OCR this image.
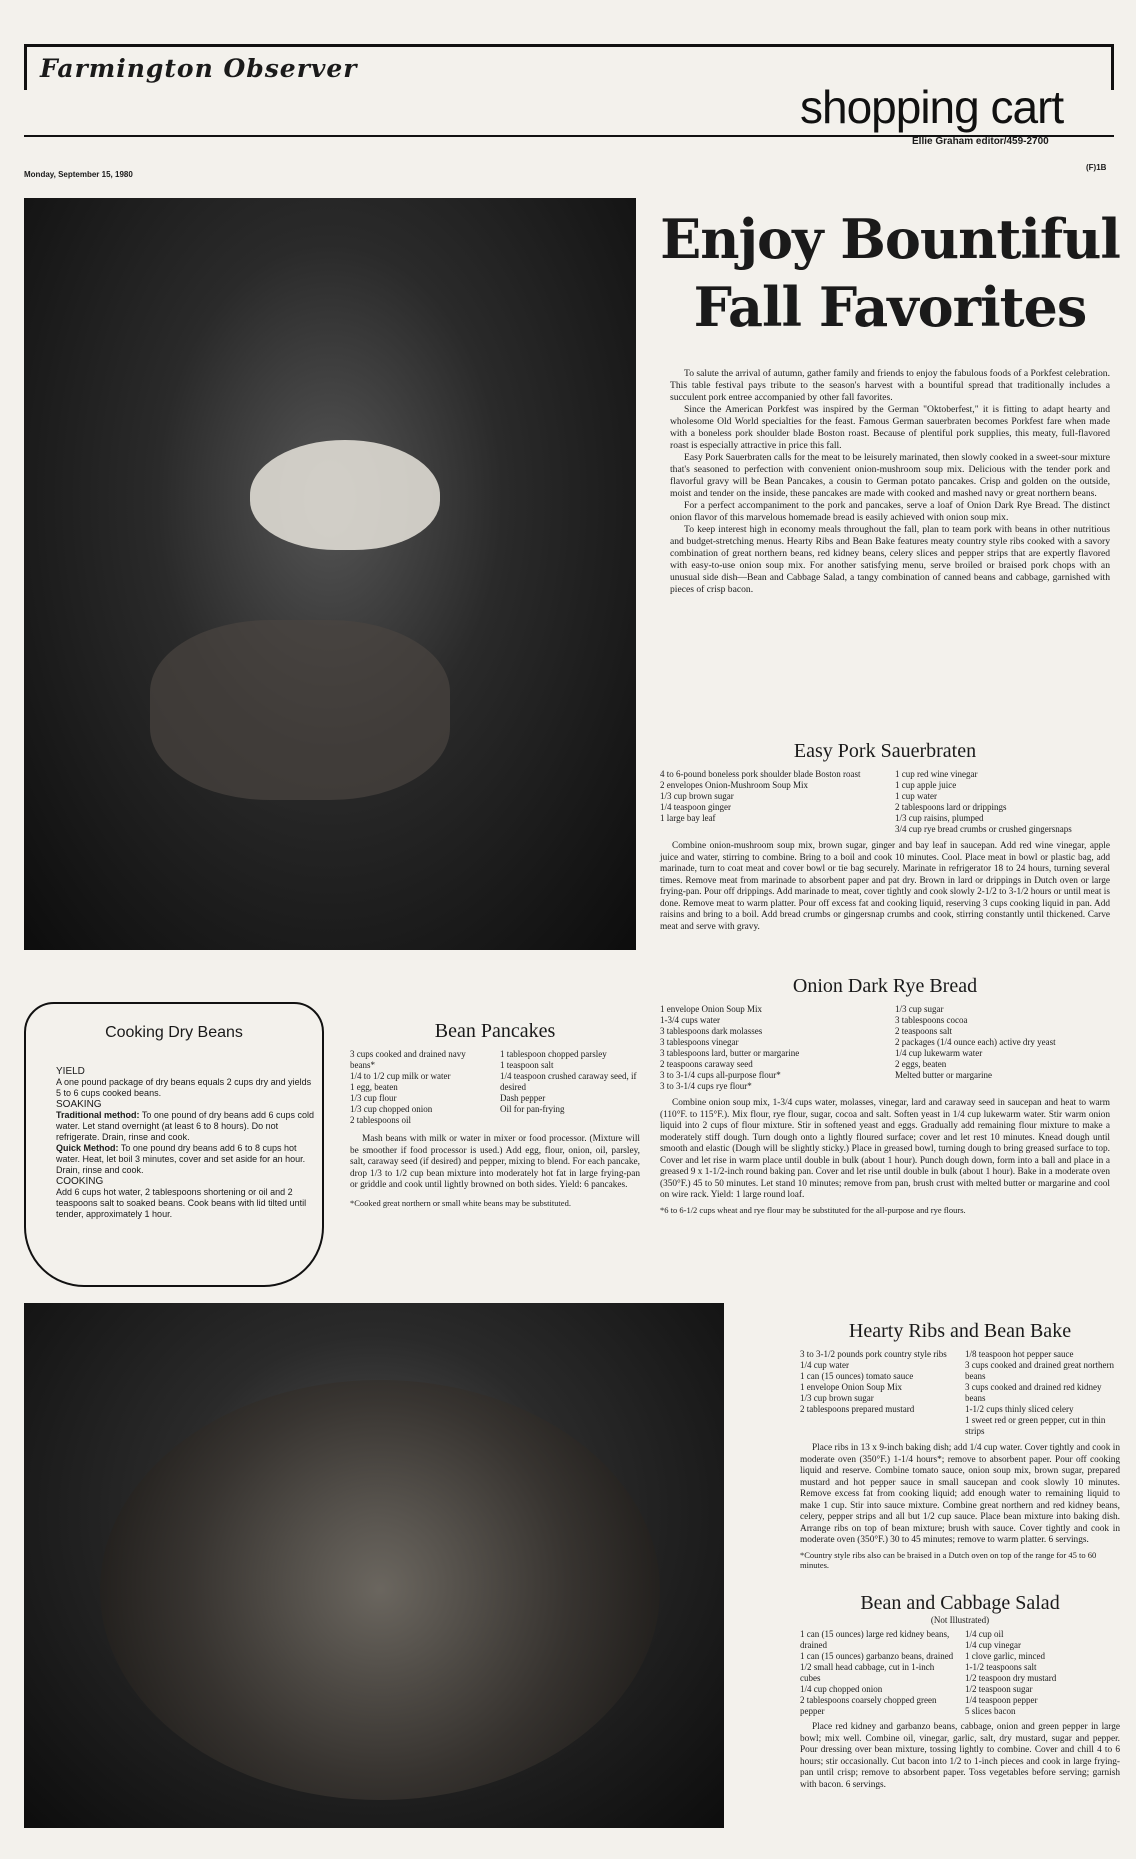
Farmington Observer
shopping cart
Ellie Graham editor/459-2700
Monday, September 15, 1980
(F)1B
Enjoy Bountiful
Fall Favorites

To salute the arrival of autumn, gather family and friends to enjoy the fabulous foods of a Porkfest celebration. This table festival pays tribute to the season's harvest with a bountiful spread that traditionally includes a succulent pork entree accompanied by other fall favorites.

Since the American Porkfest was inspired by the German "Oktoberfest," it is fitting to adapt hearty and wholesome Old World specialties for the feast. Famous German sauerbraten becomes Porkfest fare when made with a boneless pork shoulder blade Boston roast. Because of plentiful pork supplies, this meaty, full-flavored roast is especially attractive in price this fall.

Easy Pork Sauerbraten calls for the meat to be leisurely marinated, then slowly cooked in a sweet-sour mixture that's seasoned to perfection with convenient onion-mushroom soup mix. Delicious with the tender pork and flavorful gravy will be Bean Pancakes, a cousin to German potato pancakes. Crisp and golden on the outside, moist and tender on the inside, these pancakes are made with cooked and mashed navy or great northern beans.

For a perfect accompaniment to the pork and pancakes, serve a loaf of Onion Dark Rye Bread. The distinct onion flavor of this marvelous homemade bread is easily achieved with onion soup mix.

To keep interest high in economy meals throughout the fall, plan to team pork with beans in other nutritious and budget-stretching menus. Hearty Ribs and Bean Bake features meaty country style ribs cooked with a savory combination of great northern beans, red kidney beans, celery slices and pepper strips that are expertly flavored with easy-to-use onion soup mix. For another satisfying menu, serve broiled or braised pork chops with an unusual side dish—Bean and Cabbage Salad, a tangy combination of canned beans and cabbage, garnished with pieces of crisp bacon.

Easy Pork Sauerbraten
4 to 6-pound boneless pork shoulder blade Boston roast
2 envelopes Onion-Mushroom Soup Mix
1/3 cup brown sugar
1/4 teaspoon ginger
1 large bay leaf
1 cup red wine vinegar
1 cup apple juice
1 cup water
2 tablespoons lard or drippings
1/3 cup raisins, plumped
3/4 cup rye bread crumbs or crushed gingersnaps
Combine onion-mushroom soup mix, brown sugar, ginger and bay leaf in saucepan. Add red wine vinegar, apple juice and water, stirring to combine. Bring to a boil and cook 10 minutes. Cool. Place meat in bowl or plastic bag, add marinade, turn to coat meat and cover bowl or tie bag securely. Marinate in refrigerator 18 to 24 hours, turning several times. Remove meat from marinade to absorbent paper and pat dry. Brown in lard or drippings in Dutch oven or large frying-pan. Pour off drippings. Add marinade to meat, cover tightly and cook slowly 2-1/2 to 3-1/2 hours or until meat is done. Remove meat to warm platter. Pour off excess fat and cooking liquid, reserving 3 cups cooking liquid in pan. Add raisins and bring to a boil. Add bread crumbs or gingersnap crumbs and cook, stirring constantly until thickened. Carve meat and serve with gravy.
Onion Dark Rye Bread
1 envelope Onion Soup Mix
1-3/4 cups water
3 tablespoons dark molasses
3 tablespoons vinegar
3 tablespoons lard, butter or margarine
2 teaspoons caraway seed
3 to 3-1/4 cups all-purpose flour*
3 to 3-1/4 cups rye flour*
1/3 cup sugar
3 tablespoons cocoa
2 teaspoons salt
2 packages (1/4 ounce each) active dry yeast
1/4 cup lukewarm water
2 eggs, beaten
Melted butter or margarine
Combine onion soup mix, 1-3/4 cups water, molasses, vinegar, lard and caraway seed in saucepan and heat to warm (110°F. to 115°F.). Mix flour, rye flour, sugar, cocoa and salt. Soften yeast in 1/4 cup lukewarm water. Stir warm onion liquid into 2 cups of flour mixture. Stir in softened yeast and eggs. Gradually add remaining flour mixture to make a moderately stiff dough. Turn dough onto a lightly floured surface; cover and let rest 10 minutes. Knead dough until smooth and elastic (Dough will be slightly sticky.) Place in greased bowl, turning dough to bring greased surface to top. Cover and let rise in warm place until double in bulk (about 1 hour). Punch dough down, form into a ball and place in a greased 9 x 1-1/2-inch round baking pan. Cover and let rise until double in bulk (about 1 hour). Bake in a moderate oven (350°F.) 45 to 50 minutes. Let stand 10 minutes; remove from pan, brush crust with melted butter or margarine and cool on wire rack. Yield: 1 large round loaf.
*6 to 6-1/2 cups wheat and rye flour may be substituted for the all-purpose and rye flours.
Cooking Dry Beans
YIELD
A one pound package of dry beans equals 2 cups dry and yields 5 to 6 cups cooked beans.
SOAKING
Traditional method: To one pound of dry beans add 6 cups cold water. Let stand overnight (at least 6 to 8 hours). Do not refrigerate. Drain, rinse and cook.
Quick Method: To one pound dry beans add 6 to 8 cups hot water. Heat, let boil 3 minutes, cover and set aside for an hour. Drain, rinse and cook.
COOKING
Add 6 cups hot water, 2 tablespoons shortening or oil and 2 teaspoons salt to soaked beans. Cook beans with lid tilted until tender, approximately 1 hour.
Bean Pancakes
3 cups cooked and drained navy beans*
1/4 to 1/2 cup milk or water
1 egg, beaten
1/3 cup flour
1/3 cup chopped onion
2 tablespoons oil
1 tablespoon chopped parsley
1 teaspoon salt
1/4 teaspoon crushed caraway seed, if desired
Dash pepper
Oil for pan-frying
Mash beans with milk or water in mixer or food processor. (Mixture will be smoother if food processor is used.) Add egg, flour, onion, oil, parsley, salt, caraway seed (if desired) and pepper, mixing to blend. For each pancake, drop 1/3 to 1/2 cup bean mixture into moderately hot fat in large frying-pan or griddle and cook until lightly browned on both sides. Yield: 6 pancakes.
*Cooked great northern or small white beans may be substituted.
Hearty Ribs and Bean Bake
3 to 3-1/2 pounds pork country style ribs
1/4 cup water
1 can (15 ounces) tomato sauce
1 envelope Onion Soup Mix
1/3 cup brown sugar
2 tablespoons prepared mustard
1/8 teaspoon hot pepper sauce
3 cups cooked and drained great northern beans
3 cups cooked and drained red kidney beans
1-1/2 cups thinly sliced celery
1 sweet red or green pepper, cut in thin strips
Place ribs in 13 x 9-inch baking dish; add 1/4 cup water. Cover tightly and cook in moderate oven (350°F.) 1-1/4 hours*; remove to absorbent paper. Pour off cooking liquid and reserve. Combine tomato sauce, onion soup mix, brown sugar, prepared mustard and hot pepper sauce in small saucepan and cook slowly 10 minutes. Remove excess fat from cooking liquid; add enough water to remaining liquid to make 1 cup. Stir into sauce mixture. Combine great northern and red kidney beans, celery, pepper strips and all but 1/2 cup sauce. Place bean mixture into baking dish. Arrange ribs on top of bean mixture; brush with sauce. Cover tightly and cook in moderate oven (350°F.) 30 to 45 minutes; remove to warm platter. 6 servings.
*Country style ribs also can be braised in a Dutch oven on top of the range for 45 to 60 minutes.
Bean and Cabbage Salad
(Not Illustrated)
1 can (15 ounces) large red kidney beans, drained
1 can (15 ounces) garbanzo beans, drained
1/2 small head cabbage, cut in 1-inch cubes
1/4 cup chopped onion
2 tablespoons coarsely chopped green pepper
1/4 cup oil
1/4 cup vinegar
1 clove garlic, minced
1-1/2 teaspoons salt
1/2 teaspoon dry mustard
1/2 teaspoon sugar
1/4 teaspoon pepper
5 slices bacon
Place red kidney and garbanzo beans, cabbage, onion and green pepper in large bowl; mix well. Combine oil, vinegar, garlic, salt, dry mustard, sugar and pepper. Pour dressing over bean mixture, tossing lightly to combine. Cover and chill 4 to 6 hours; stir occasionally. Cut bacon into 1/2 to 1-inch pieces and cook in large frying-pan until crisp; remove to absorbent paper. Toss vegetables before serving; garnish with bacon. 6 servings.
